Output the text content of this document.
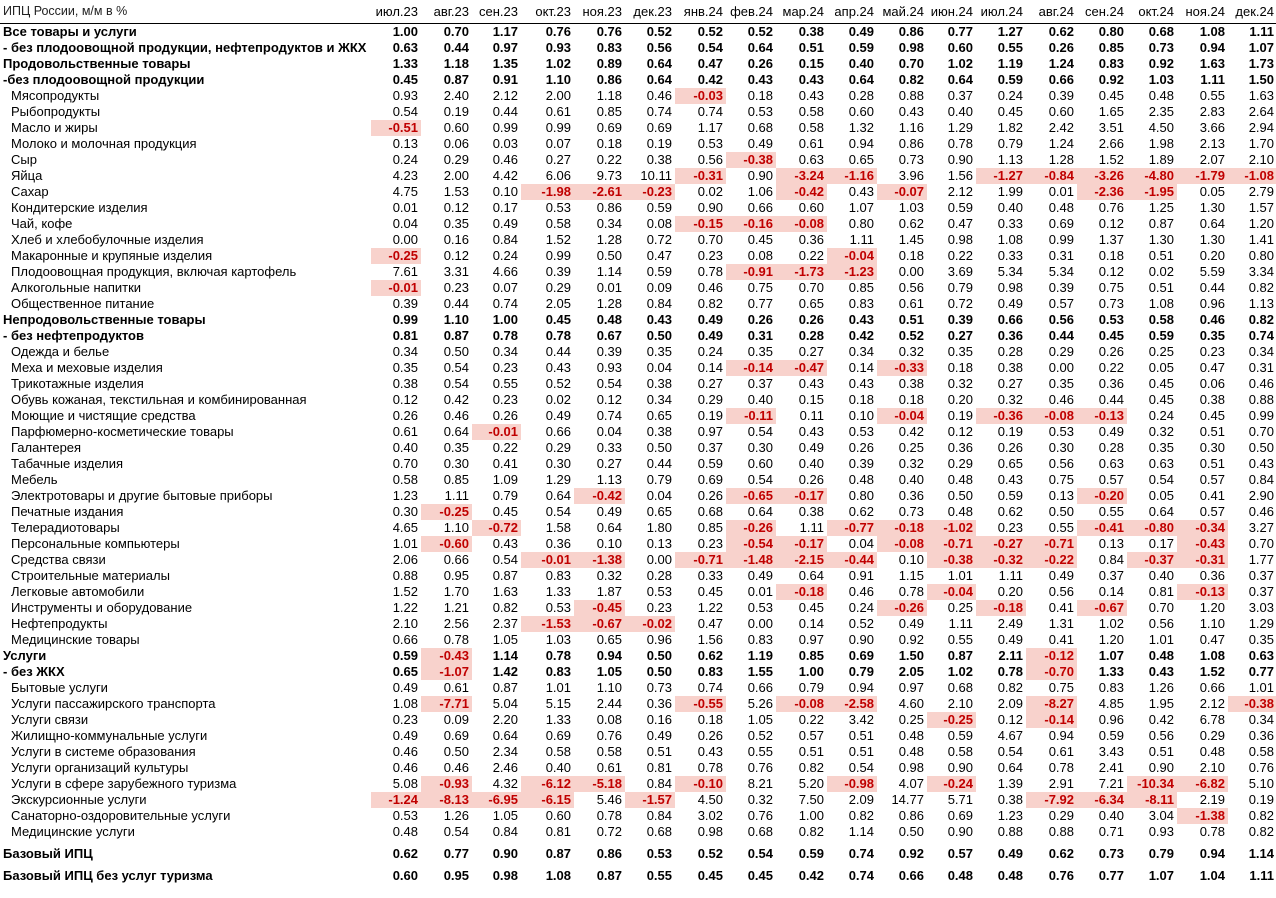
ИПЦ России, м/м в %	июл.23	авг.23	сен.23	окт.23	ноя.23	дек.23	янв.24	фев.24	мар.24	апр.24	май.24	июн.24	июл.24	авг.24	сен.24	окт.24	ноя.24	дек.24
Все товары и услуги	1.00	0.70	1.17	0.76	0.76	0.52	0.52	0.52	0.38	0.49	0.86	0.77	1.27	0.62	0.80	0.68	1.08	1.11
- без плодоовощной продукции, нефтепродуктов и ЖКХ	0.63	0.44	0.97	0.93	0.83	0.56	0.54	0.64	0.51	0.59	0.98	0.60	0.55	0.26	0.85	0.73	0.94	1.07
Продовольственные товары	1.33	1.18	1.35	1.02	0.89	0.64	0.47	0.26	0.15	0.40	0.70	1.02	1.19	1.24	0.83	0.92	1.63	1.73
-без плодоовощной продукции	0.45	0.87	0.91	1.10	0.86	0.64	0.42	0.43	0.43	0.64	0.82	0.64	0.59	0.66	0.92	1.03	1.11	1.50
Мясопродукты	0.93	2.40	2.12	2.00	1.18	0.46	-0.03	0.18	0.43	0.28	0.88	0.37	0.24	0.39	0.45	0.48	0.55	1.63
Рыбопродукты	0.54	0.19	0.44	0.61	0.85	0.74	0.74	0.53	0.58	0.60	0.43	0.40	0.45	0.60	1.65	2.35	2.83	2.64
Масло и жиры	-0.51	0.60	0.99	0.99	0.69	0.69	1.17	0.68	0.58	1.32	1.16	1.29	1.82	2.42	3.51	4.50	3.66	2.94
Молоко и молочная продукция	0.13	0.06	0.03	0.07	0.18	0.19	0.53	0.49	0.61	0.94	0.86	0.78	0.79	1.24	2.66	1.98	2.13	1.70
Сыр	0.24	0.29	0.46	0.27	0.22	0.38	0.56	-0.38	0.63	0.65	0.73	0.90	1.13	1.28	1.52	1.89	2.07	2.10
Яйца	4.23	2.00	4.42	6.06	9.73	10.11	-0.31	0.90	-3.24	-1.16	3.96	1.56	-1.27	-0.84	-3.26	-4.80	-1.79	-1.08
Сахар	4.75	1.53	0.10	-1.98	-2.61	-0.23	0.02	1.06	-0.42	0.43	-0.07	2.12	1.99	0.01	-2.36	-1.95	0.05	2.79
Кондитерские изделия	0.01	0.12	0.17	0.53	0.86	0.59	0.90	0.66	0.60	1.07	1.03	0.59	0.40	0.48	0.76	1.25	1.30	1.57
Чай, кофе	0.04	0.35	0.49	0.58	0.34	0.08	-0.15	-0.16	-0.08	0.80	0.62	0.47	0.33	0.69	0.12	0.87	0.64	1.20
Хлеб и хлебобулочные изделия	0.00	0.16	0.84	1.52	1.28	0.72	0.70	0.45	0.36	1.11	1.45	0.98	1.08	0.99	1.37	1.30	1.30	1.41
Макаронные и крупяные изделия	-0.25	0.12	0.24	0.99	0.50	0.47	0.23	0.08	0.22	-0.04	0.18	0.22	0.33	0.31	0.18	0.51	0.20	0.80
Плодоовощная продукция, включая картофель	7.61	3.31	4.66	0.39	1.14	0.59	0.78	-0.91	-1.73	-1.23	0.00	3.69	5.34	5.34	0.12	0.02	5.59	3.34
Алкогольные напитки	-0.01	0.23	0.07	0.29	0.01	0.09	0.46	0.75	0.70	0.85	0.56	0.79	0.98	0.39	0.75	0.51	0.44	0.82
Общественное питание	0.39	0.44	0.74	2.05	1.28	0.84	0.82	0.77	0.65	0.83	0.61	0.72	0.49	0.57	0.73	1.08	0.96	1.13
Непродовольственные товары	0.99	1.10	1.00	0.45	0.48	0.43	0.49	0.26	0.26	0.43	0.51	0.39	0.66	0.56	0.53	0.58	0.46	0.82
- без нефтепродуктов	0.81	0.87	0.78	0.78	0.67	0.50	0.49	0.31	0.28	0.42	0.52	0.27	0.36	0.44	0.45	0.59	0.35	0.74
Одежда и белье	0.34	0.50	0.34	0.44	0.39	0.35	0.24	0.35	0.27	0.34	0.32	0.35	0.28	0.29	0.26	0.25	0.23	0.34
Меха и меховые изделия	0.35	0.54	0.23	0.43	0.93	0.04	0.14	-0.14	-0.47	0.14	-0.33	0.18	0.38	0.00	0.22	0.05	0.47	0.31
Трикотажные изделия	0.38	0.54	0.55	0.52	0.54	0.38	0.27	0.37	0.43	0.43	0.38	0.32	0.27	0.35	0.36	0.45	0.06	0.46
Обувь кожаная, текстильная и комбинированная	0.12	0.42	0.23	0.02	0.12	0.34	0.29	0.40	0.15	0.18	0.18	0.20	0.32	0.46	0.44	0.45	0.38	0.88
Моющие и чистящие средства	0.26	0.46	0.26	0.49	0.74	0.65	0.19	-0.11	0.11	0.10	-0.04	0.19	-0.36	-0.08	-0.13	0.24	0.45	0.99
Парфюмерно-косметические товары	0.61	0.64	-0.01	0.66	0.04	0.38	0.97	0.54	0.43	0.53	0.42	0.12	0.19	0.53	0.49	0.32	0.51	0.70
Галантерея	0.40	0.35	0.22	0.29	0.33	0.50	0.37	0.30	0.49	0.26	0.25	0.36	0.26	0.30	0.28	0.35	0.30	0.50
Табачные изделия	0.70	0.30	0.41	0.30	0.27	0.44	0.59	0.60	0.40	0.39	0.32	0.29	0.65	0.56	0.63	0.63	0.51	0.43
Мебель	0.58	0.85	1.09	1.29	1.13	0.79	0.69	0.54	0.26	0.48	0.40	0.48	0.43	0.75	0.57	0.54	0.57	0.84
Электротовары и другие бытовые приборы	1.23	1.11	0.79	0.64	-0.42	0.04	0.26	-0.65	-0.17	0.80	0.36	0.50	0.59	0.13	-0.20	0.05	0.41	2.90
Печатные издания	0.30	-0.25	0.45	0.54	0.49	0.65	0.68	0.64	0.38	0.62	0.73	0.48	0.62	0.50	0.55	0.64	0.57	0.46
Телерадиотовары	4.65	1.10	-0.72	1.58	0.64	1.80	0.85	-0.26	1.11	-0.77	-0.18	-1.02	0.23	0.55	-0.41	-0.80	-0.34	3.27
Персональные компьютеры	1.01	-0.60	0.43	0.36	0.10	0.13	0.23	-0.54	-0.17	0.04	-0.08	-0.71	-0.27	-0.71	0.13	0.17	-0.43	0.70
Средства связи	2.06	0.66	0.54	-0.01	-1.38	0.00	-0.71	-1.48	-2.15	-0.44	0.10	-0.38	-0.32	-0.22	0.84	-0.37	-0.31	1.77
Строительные материалы	0.88	0.95	0.87	0.83	0.32	0.28	0.33	0.49	0.64	0.91	1.15	1.01	1.11	0.49	0.37	0.40	0.36	0.37
Легковые автомобили	1.52	1.70	1.63	1.33	1.87	0.53	0.45	0.01	-0.18	0.46	0.78	-0.04	0.20	0.56	0.14	0.81	-0.13	0.37
Инструменты и оборудование	1.22	1.21	0.82	0.53	-0.45	0.23	1.22	0.53	0.45	0.24	-0.26	0.25	-0.18	0.41	-0.67	0.70	1.20	3.03
Нефтепродукты	2.10	2.56	2.37	-1.53	-0.67	-0.02	0.47	0.00	0.14	0.52	0.49	1.11	2.49	1.31	1.02	0.56	1.10	1.29
Медицинские товары	0.66	0.78	1.05	1.03	0.65	0.96	1.56	0.83	0.97	0.90	0.92	0.55	0.49	0.41	1.20	1.01	0.47	0.35
Услуги	0.59	-0.43	1.14	0.78	0.94	0.50	0.62	1.19	0.85	0.69	1.50	0.87	2.11	-0.12	1.07	0.48	1.08	0.63
- без ЖКХ	0.65	-1.07	1.42	0.83	1.05	0.50	0.83	1.55	1.00	0.79	2.05	1.02	0.78	-0.70	1.33	0.43	1.52	0.77
Бытовые услуги	0.49	0.61	0.87	1.01	1.10	0.73	0.74	0.66	0.79	0.94	0.97	0.68	0.82	0.75	0.83	1.26	0.66	1.01
Услуги пассажирского транспорта	1.08	-7.71	5.04	5.15	2.44	0.36	-0.55	5.26	-0.08	-2.58	4.60	2.10	2.09	-8.27	4.85	1.95	2.12	-0.38
Услуги связи	0.23	0.09	2.20	1.33	0.08	0.16	0.18	1.05	0.22	3.42	0.25	-0.25	0.12	-0.14	0.96	0.42	6.78	0.34
Жилищно-коммунальные услуги	0.49	0.69	0.64	0.69	0.76	0.49	0.26	0.52	0.57	0.51	0.48	0.59	4.67	0.94	0.59	0.56	0.29	0.36
Услуги в системе образования	0.46	0.50	2.34	0.58	0.58	0.51	0.43	0.55	0.51	0.51	0.48	0.58	0.54	0.61	3.43	0.51	0.48	0.58
Услуги организаций культуры	0.46	0.46	2.46	0.40	0.61	0.81	0.78	0.76	0.82	0.54	0.98	0.90	0.64	0.78	2.41	0.90	2.10	0.76
Услуги в сфере зарубежного туризма	5.08	-0.93	4.32	-6.12	-5.18	0.84	-0.10	8.21	5.20	-0.98	4.07	-0.24	1.39	2.91	7.21	-10.34	-6.82	5.10
Экскурсионные услуги	-1.24	-8.13	-6.95	-6.15	5.46	-1.57	4.50	0.32	7.50	2.09	14.77	5.71	0.38	-7.92	-6.34	-8.11	2.19	0.19
Санаторно-оздоровительные услуги	0.53	1.26	1.05	0.60	0.78	0.84	3.02	0.76	1.00	0.82	0.86	0.69	1.23	0.29	0.40	3.04	-1.38	0.82
Медицинские услуги	0.48	0.54	0.84	0.81	0.72	0.68	0.98	0.68	0.82	1.14	0.50	0.90	0.88	0.88	0.71	0.93	0.78	0.82

Базовый ИПЦ	0.62	0.77	0.90	0.87	0.86	0.53	0.52	0.54	0.59	0.74	0.92	0.57	0.49	0.62	0.73	0.79	0.94	1.14

Базовый ИПЦ без услуг туризма	0.60	0.95	0.98	1.08	0.87	0.55	0.45	0.45	0.42	0.74	0.66	0.48	0.48	0.76	0.77	1.07	1.04	1.11
